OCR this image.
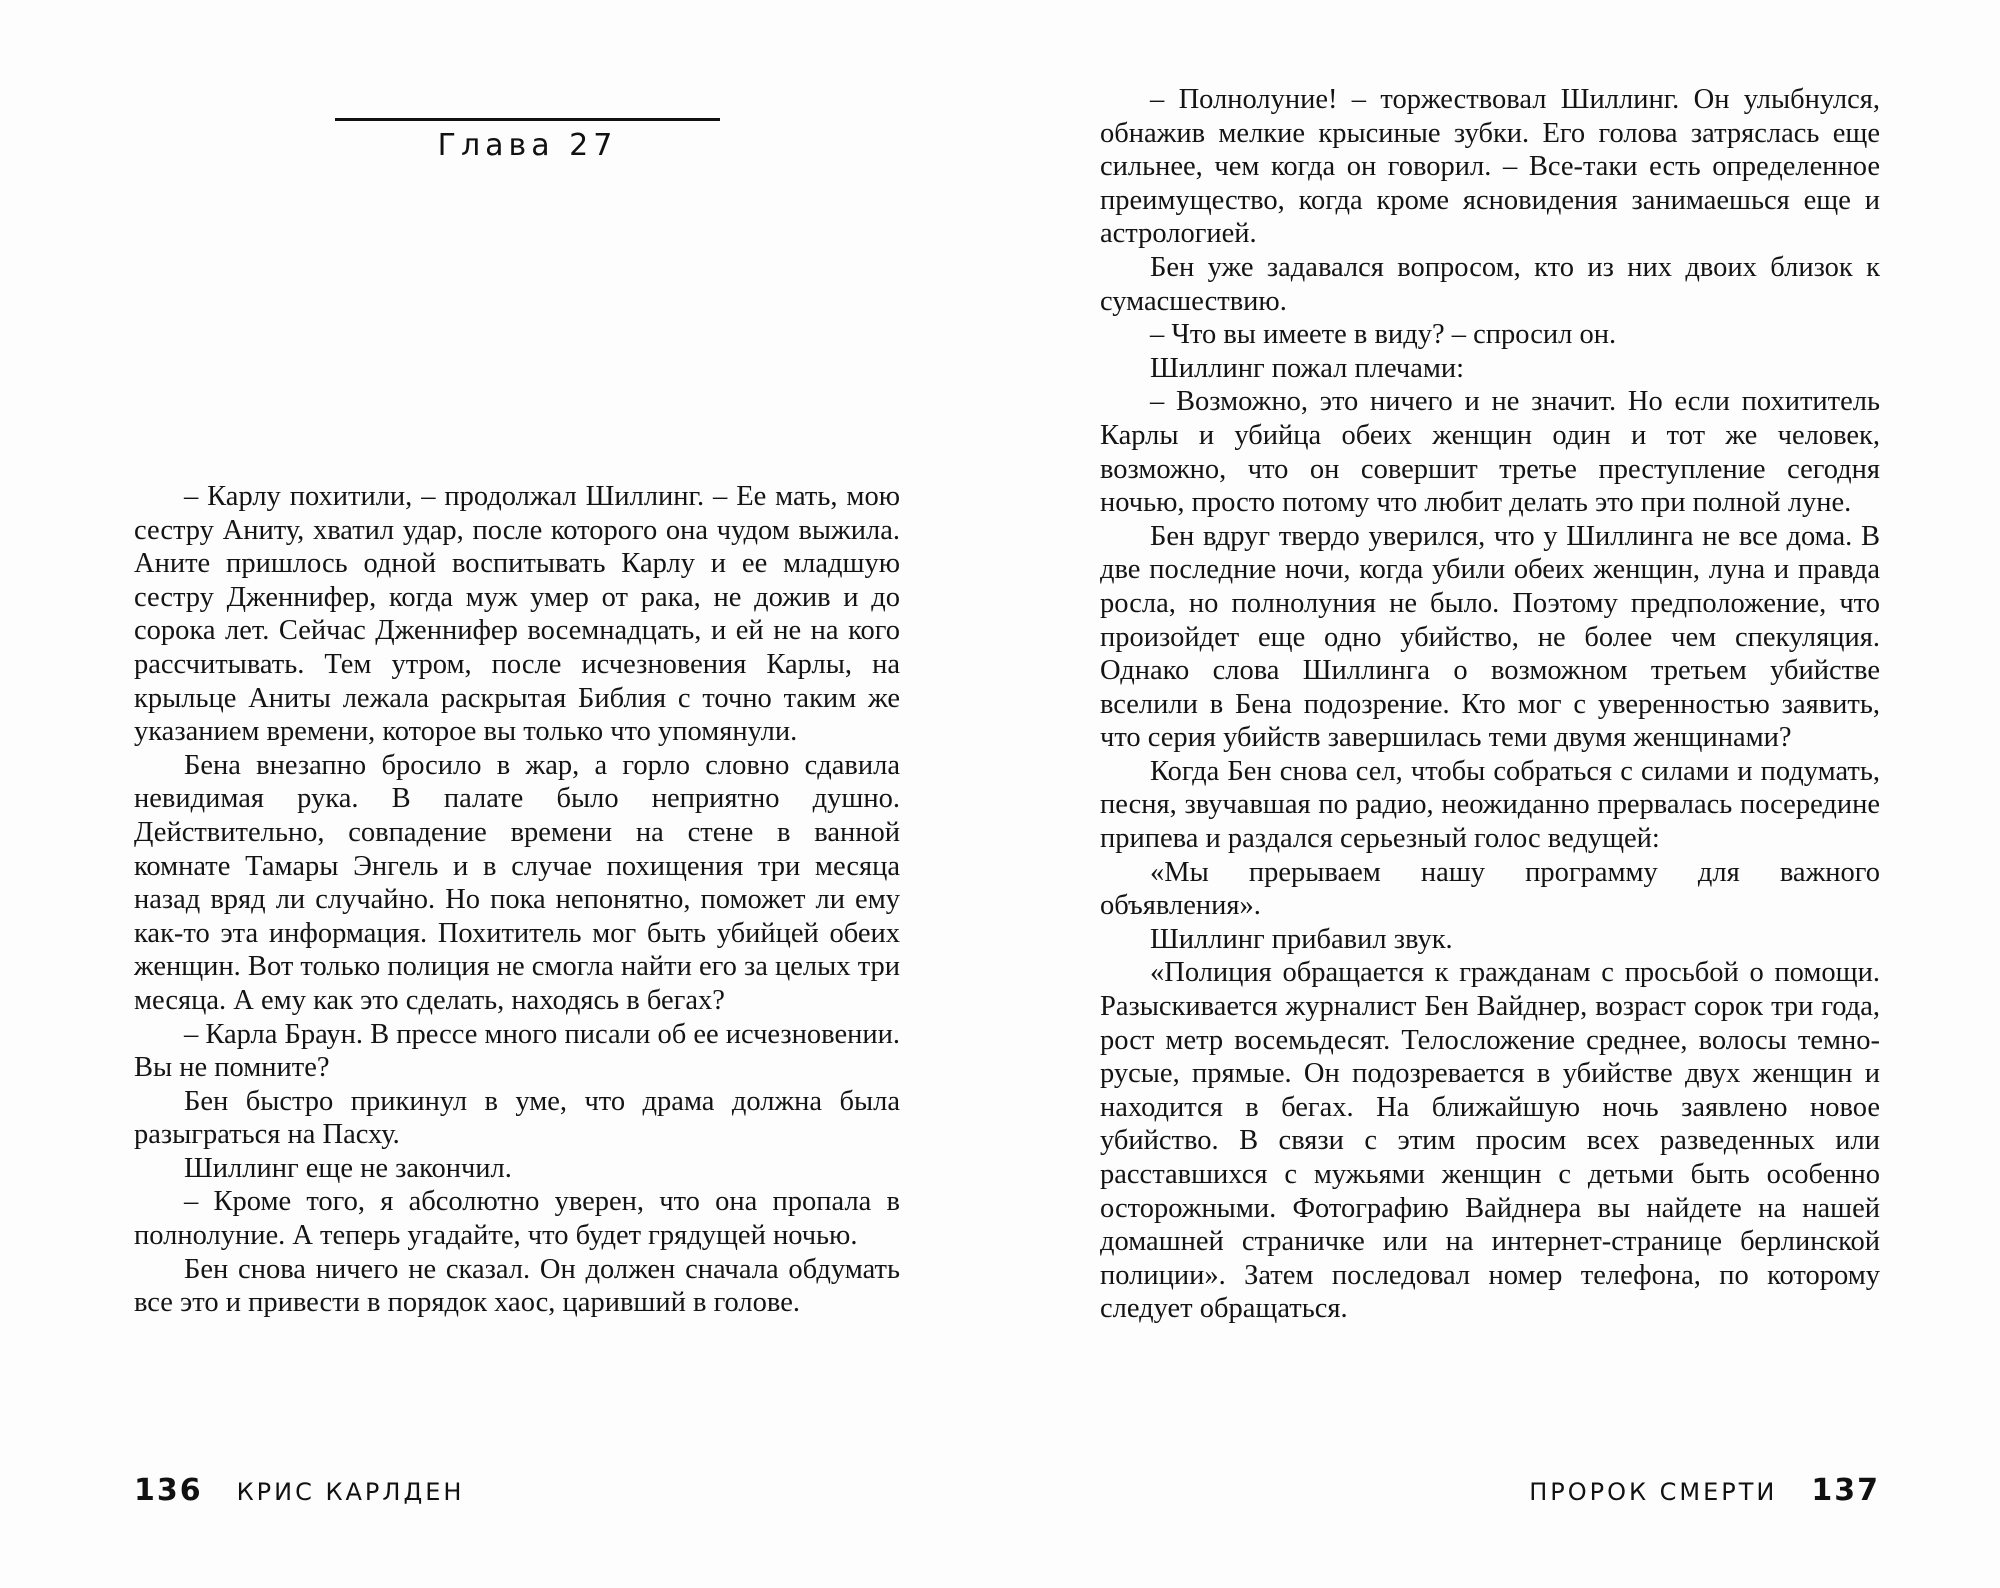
Глава 27

– Карлу похитили, – продолжал Шиллинг. – Ее мать, мою сестру Аниту, хватил удар, после которого она чудом выжила. Аните пришлось одной воспитывать Карлу и ее младшую сестру Дженнифер, когда муж умер от рака, не дожив и до сорока лет. Сейчас Дженнифер восемнадцать, и ей не на кого рассчитывать. Тем утром, после исчезновения Карлы, на крыльце Аниты лежала раскрытая Библия с точно таким же указанием времени, которое вы только что упомянули.

Бена внезапно бросило в жар, а горло словно сдавила невидимая рука. В палате было неприятно душно. Действительно, совпадение времени на стене в ванной комнате Тамары Энгель и в случае похищения три месяца назад вряд ли случайно. Но пока непонятно, поможет ли ему как-то эта информация. Похититель мог быть убийцей обеих женщин. Вот только полиция не смогла найти его за целых три месяца. А ему как это сделать, находясь в бегах?

– Карла Браун. В прессе много писали об ее исчезновении. Вы не помните?

Бен быстро прикинул в уме, что драма должна была разыграться на Пасху.

Шиллинг еще не закончил.

– Кроме того, я абсолютно уверен, что она пропала в полнолуние. А теперь угадайте, что будет грядущей ночью.

Бен снова ничего не сказал. Он должен сначала обдумать все это и привести в порядок хаос, царивший в голове.

136 КРИС КАРЛДЕН

– Полнолуние! – торжествовал Шиллинг. Он улыбнулся, обнажив мелкие крысиные зубки. Его голова затряслась еще сильнее, чем когда он говорил. – Все-таки есть определенное преимущество, когда кроме ясновидения занимаешься еще и астрологией.

Бен уже задавался вопросом, кто из них двоих близок к сумасшествию.

– Что вы имеете в виду? – спросил он.

Шиллинг пожал плечами:

– Возможно, это ничего и не значит. Но если похититель Карлы и убийца обеих женщин один и тот же человек, возможно, что он совершит третье преступление сегодня ночью, просто потому что любит делать это при полной луне.

Бен вдруг твердо уверился, что у Шиллинга не все дома. В две последние ночи, когда убили обеих женщин, луна и правда росла, но полнолуния не было. Поэтому предположение, что произойдет еще одно убийство, не более чем спекуляция. Однако слова Шиллинга о возможном третьем убийстве вселили в Бена подозрение. Кто мог с уверенностью заявить, что серия убийств завершилась теми двумя женщинами?

Когда Бен снова сел, чтобы собраться с силами и подумать, песня, звучавшая по радио, неожиданно прервалась посередине припева и раздался серьезный голос ведущей:

«Мы прерываем нашу программу для важного объявления».

Шиллинг прибавил звук.

«Полиция обращается к гражданам с просьбой о помощи. Разыскивается журналист Бен Вайднер, возраст сорок три года, рост метр восемьдесят. Телосложение среднее, волосы темно-русые, прямые. Он подозревается в убийстве двух женщин и находится в бегах. На ближайшую ночь заявлено новое убийство. В связи с этим просим всех разведенных или расставшихся с мужьями женщин с детьми быть особенно осторожными. Фотографию Вайднера вы найдете на нашей домашней страничке или на интернет-странице берлинской полиции». Затем последовал номер телефона, по которому следует обращаться.

ПРОРОК СМЕРТИ 137
